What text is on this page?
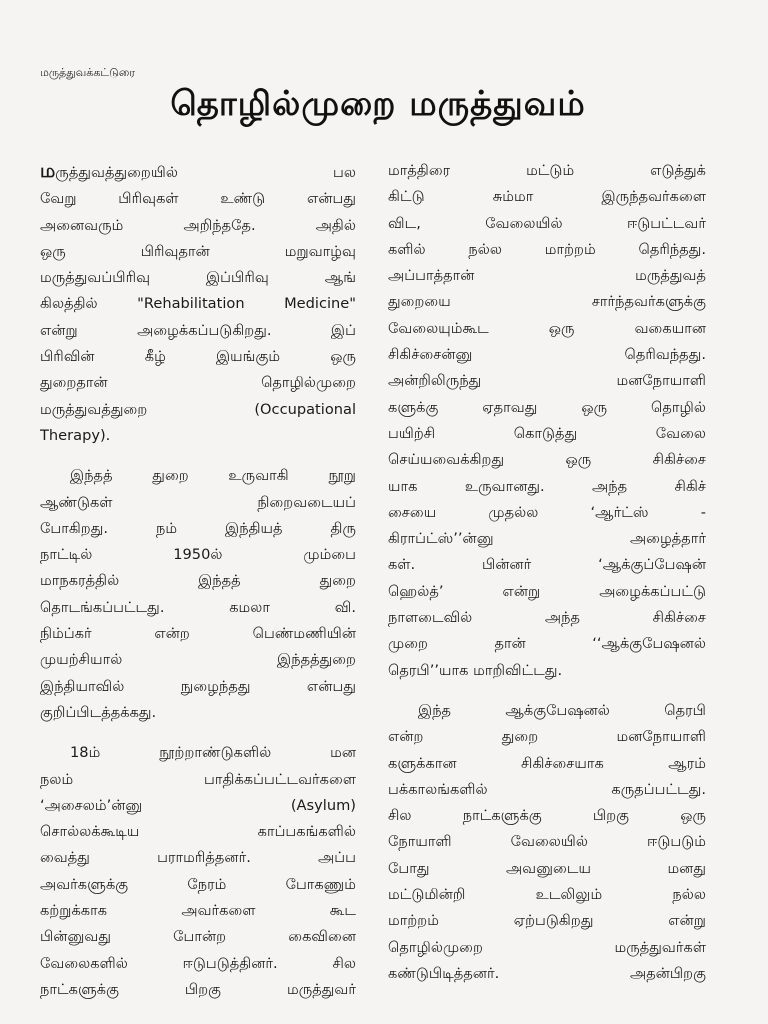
மருத்துவக்கட்டுரை
தொழில்முறை மருத்துவம்
மருத்துவத்துறையில் பல
வேறு பிரிவுகள் உண்டு என்பது
அனைவரும் அறிந்ததே. அதில்
ஒரு பிரிவுதான் மறுவாழ்வு
மருத்துவப்பிரிவு இப்பிரிவு ஆங்
கிலத்தில் "Rehabilitation Medicine"
என்று அழைக்கப்படுகிறது. இப்
பிரிவின் கீழ் இயங்கும் ஒரு
துறைதான் தொழில்முறை
மருத்துவத்துறை (Occupational
Therapy).
இந்தத் துறை உருவாகி நூறு
ஆண்டுகள் நிறைவடையப்
போகிறது. நம் இந்தியத் திரு
நாட்டில் 1950ல் மும்பை
மாநகரத்தில் இந்தத் துறை
தொடங்கப்பட்டது. கமலா வி.
நிம்ப்கர் என்ற பெண்மணியின்
முயற்சியால் இந்தத்துறை
இந்தியாவில் நுழைந்தது என்பது
குறிப்பிடத்தக்கது.
18ம் நூற்றாண்டுகளில் மன
நலம் பாதிக்கப்பட்டவர்களை
‘அசைலம்’ன்னு (Asylum)
சொல்லக்கூடிய காப்பகங்களில்
வைத்து பராமரித்தனர். அப்ப
அவர்களுக்கு நேரம் போகணும்
கற்றுக்காக அவர்களை கூட
பின்னுவது போன்ற கைவினை
வேலைகளில் ஈடுபடுத்தினர். சில
நாட்களுக்கு பிறகு மருத்துவர்
மாத்திரை மட்டும் எடுத்துக்
கிட்டு சும்மா இருந்தவர்களை
விட, வேலையில் ஈடுபட்டவர்
களில் நல்ல மாற்றம் தெரிந்தது.
அப்பாத்தான் மருத்துவத்
துறையை சார்ந்தவர்களுக்கு
வேலையும்கூட ஒரு வகையான
சிகிச்சைன்னு தெரிவந்தது.
அன்றிலிருந்து மனநோயாளி
களுக்கு ஏதாவது ஒரு தொழில்
பயிற்சி கொடுத்து வேலை
செய்யவைக்கிறது ஒரு சிகிச்சை
யாக உருவானது. அந்த சிகிச்
சையை முதல்ல ‘ஆர்ட்ஸ் -
கிராப்ட்ஸ்’’ன்னு அழைத்தார்
கள். பின்னர் ‘ஆக்குப்பேஷன்
ஹெல்த்’ என்று அழைக்கப்பட்டு
நாளடைவில் அந்த சிகிச்சை
முறை தான் ‘‘ஆக்குபேஷனல்
தெரபி’’யாக மாறிவிட்டது.
இந்த ஆக்குபேஷனல் தெரபி
என்ற துறை மனநோயாளி
களுக்கான சிகிச்சையாக ஆரம்
பக்காலங்களில் கருதப்பட்டது.
சில நாட்களுக்கு பிறகு ஒரு
நோயாளி வேலையில் ஈடுபடும்
போது அவனுடைய மனது
மட்டுமின்றி உடலிலும் நல்ல
மாற்றம் ஏற்படுகிறது என்று
தொழில்முறை மருத்துவர்கள்
கண்டுபிடித்தனர். அதன்பிறகு
